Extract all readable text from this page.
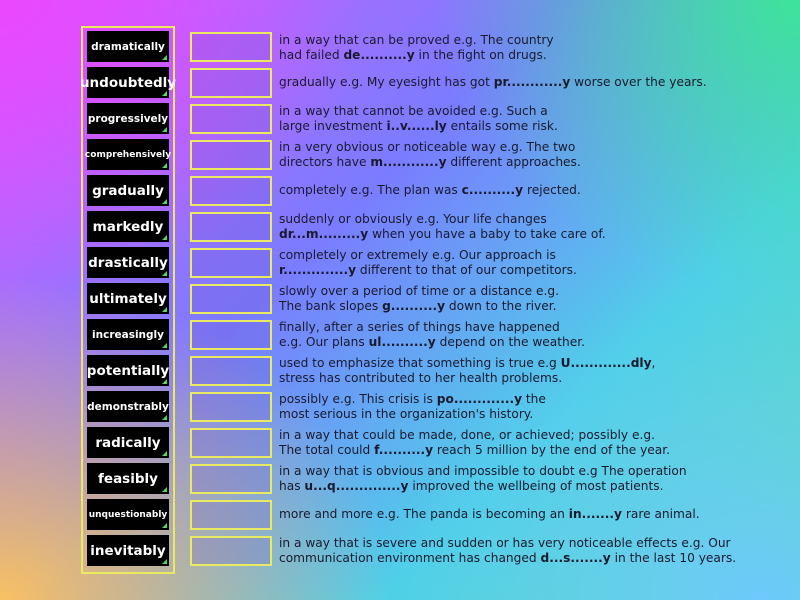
dramatically
undoubtedly
progressively
comprehensively
gradually
markedly
drastically
ultimately
increasingly
potentially
demonstrably
radically
feasibly
unquestionably
inevitably
in a way that can be proved e.g. The country
had failed de..........y in the fight on drugs.
gradually e.g. My eyesight has got pr............y worse over the years.
in a way that cannot be avoided e.g. Such a
large investment i..v......ly entails some risk.
in a very obvious or noticeable way e.g. The two
directors have m............y different approaches.
completely e.g. The plan was c..........y rejected.
suddenly or obviously e.g. Your life changes
dr...m.........y when you have a baby to take care of.
completely or extremely e.g. Our approach is
r..............y different to that of our competitors.
slowly over a period of time or a distance e.g.
The bank slopes g..........y down to the river.
finally, after a series of things have happened
e.g. Our plans ul..........y depend on the weather.
used to emphasize that something is true e.g U.............dly,
stress has contributed to her health problems.
possibly e.g. This crisis is po.............y the
most serious in the organization's history.
in a way that could be made, done, or achieved; possibly e.g.
The total could f..........y reach 5 million by the end of the year.
in a way that is obvious and impossible to doubt e.g The operation
has u...q..............y improved the wellbeing of most patients.
more and more e.g. The panda is becoming an in.......y rare animal.
in a way that is severe and sudden or has very noticeable effects e.g. Our
communication environment has changed d...s.......y in the last 10 years.
